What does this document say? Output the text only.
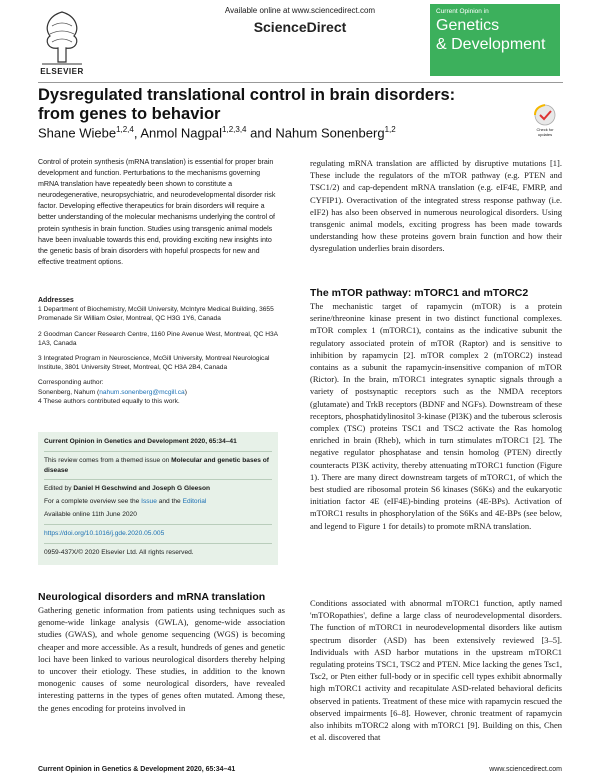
ELSEVIER
Available online at www.sciencedirect.com
ScienceDirect
Current Opinion in
Genetics
& Development
Dysregulated translational control in brain disorders: from genes to behavior
Shane Wiebe$^{1,2,4}$, Anmol Nagpal$^{1,2,3,4}$ and Nahum Sonenberg$^{1,2}$	Check for updates
Control of protein synthesis (mRNA translation) is essential for proper brain development and function. Perturbations to the mechanisms governing mRNA translation have repeatedly been shown to constitute a neurodegenerative, neuropsychiatric, and neurodevelopmental disorder risk factor. Developing effective therapeutics for brain disorders will require a better understanding of the molecular mechanisms underlying the control of protein synthesis in brain function. Studies using transgenic animal models have been invaluable towards this end, providing exciting new insights into the genetic basis of brain disorders with hopeful prospects for new and effective treatment options.
Addresses

1 Department of Biochemistry, McGill University, McIntyre Medical Building, 3655 Promenade Sir William Osler, Montreal, QC H3G 1Y6, Canada

2 Goodman Cancer Research Centre, 1160 Pine Avenue West, Montreal, QC H3A 1A3, Canada

3 Integrated Program in Neuroscience, McGill University, Montreal Neurological Institute, 3801 University Street, Montreal, QC H3A 2B4, Canada

Corresponding author:
Sonenberg, Nahum (nahum.sonenberg@mcgill.ca)
4 These authors contributed equally to this work.

Current Opinion in Genetics and Development 2020, 65:34–41

This review comes from a themed issue on Molecular and genetic bases of disease

Edited by Daniel H Geschwind and Joseph G Gleeson

For a complete overview see the Issue and the Editorial

Available online 11th June 2020

https://doi.org/10.1016/j.gde.2020.05.005

0959-437X/© 2020 Elsevier Ltd. All rights reserved.

Neurological disorders and mRNA translation
Gathering genetic information from patients using techniques such as genome-wide linkage analysis (GWLA), genome-wide association studies (GWAS), and whole genome sequencing (WGS) is becoming cheaper and more accessible. As a result, hundreds of genes and genetic loci have been linked to various neurological disorders thereby helping to uncover their etiology. These studies, in addition to the known monogenic causes of some neurological disorders, have revealed interesting patterns in the types of genes often mutated. Among these, the genes encoding for proteins involved in
regulating mRNA translation are afflicted by disruptive mutations [1]. These include the regulators of the mTOR pathway (e.g. PTEN and TSC1/2) and cap-dependent mRNA translation (e.g. eIF4E, FMRP, and CYFIP1). Overactivation of the integrated stress response pathway (i.e. eIF2) has also been observed in numerous neurological disorders. Using transgenic animal models, exciting progress has been made towards understanding how these proteins govern brain function and how their dysregulation underlies brain disorders.
The mTOR pathway: mTORC1 and mTORC2
The mechanistic target of rapamycin (mTOR) is a protein serine/threonine kinase present in two distinct functional complexes. mTOR complex 1 (mTORC1), contains as the indicative subunit the regulatory associated protein of mTOR (Raptor) and is sensitive to inhibition by rapamycin [2]. mTOR complex 2 (mTORC2) instead contains as a subunit the rapamycin-insensitive companion of mTOR (Rictor). In the brain, mTORC1 integrates synaptic signals through a variety of postsynaptic receptors such as the NMDA receptors (glutamate) and TrkB receptors (BDNF and NGFs). Downstream of these receptors, phosphatidylinositol 3-kinase (PI3K) and the tuberous sclerosis complex (TSC) proteins TSC1 and TSC2 activate the Ras homolog enriched in brain (Rheb), which in turn stimulates mTORC1 [2]. The negative regulator phosphatase and tensin homolog (PTEN) directly counteracts PI3K activity, thereby attenuating mTORC1 function (Figure 1). There are many direct downstream targets of mTORC1, of which the best studied are ribosomal protein S6 kinases (S6Ks) and the eukaryotic initiation factor 4E (eIF4E)-binding proteins (4E-BPs). Activation of mTORC1 results in phosphorylation of the S6Ks and 4E-BPs (see below, and legend to Figure 1 for details) to promote mRNA translation.
Conditions associated with abnormal mTORC1 function, aptly named 'mTORopathies', define a large class of neurodevelopmental disorders. The function of mTORC1 in neurodevelopmental disorders like autism spectrum disorder (ASD) has been extensively reviewed [3–5]. Individuals with ASD harbor mutations in the upstream mTORC1 regulating proteins TSC1, TSC2 and PTEN. Mice lacking the genes Tsc1, Tsc2, or Pten either full-body or in specific cell types exhibit abnormally high mTORC1 activity and recapitulate ASD-related behavioral deficits observed in patients. Treatment of these mice with rapamycin rescued the observed impairments [6–8]. However, chronic treatment of rapamycin also inhibits mTORC2 along with mTORC1 [9]. Building on this, Chen et al. discovered that
Current Opinion in Genetics & Development 2020, 65:34–41	www.sciencedirect.com
